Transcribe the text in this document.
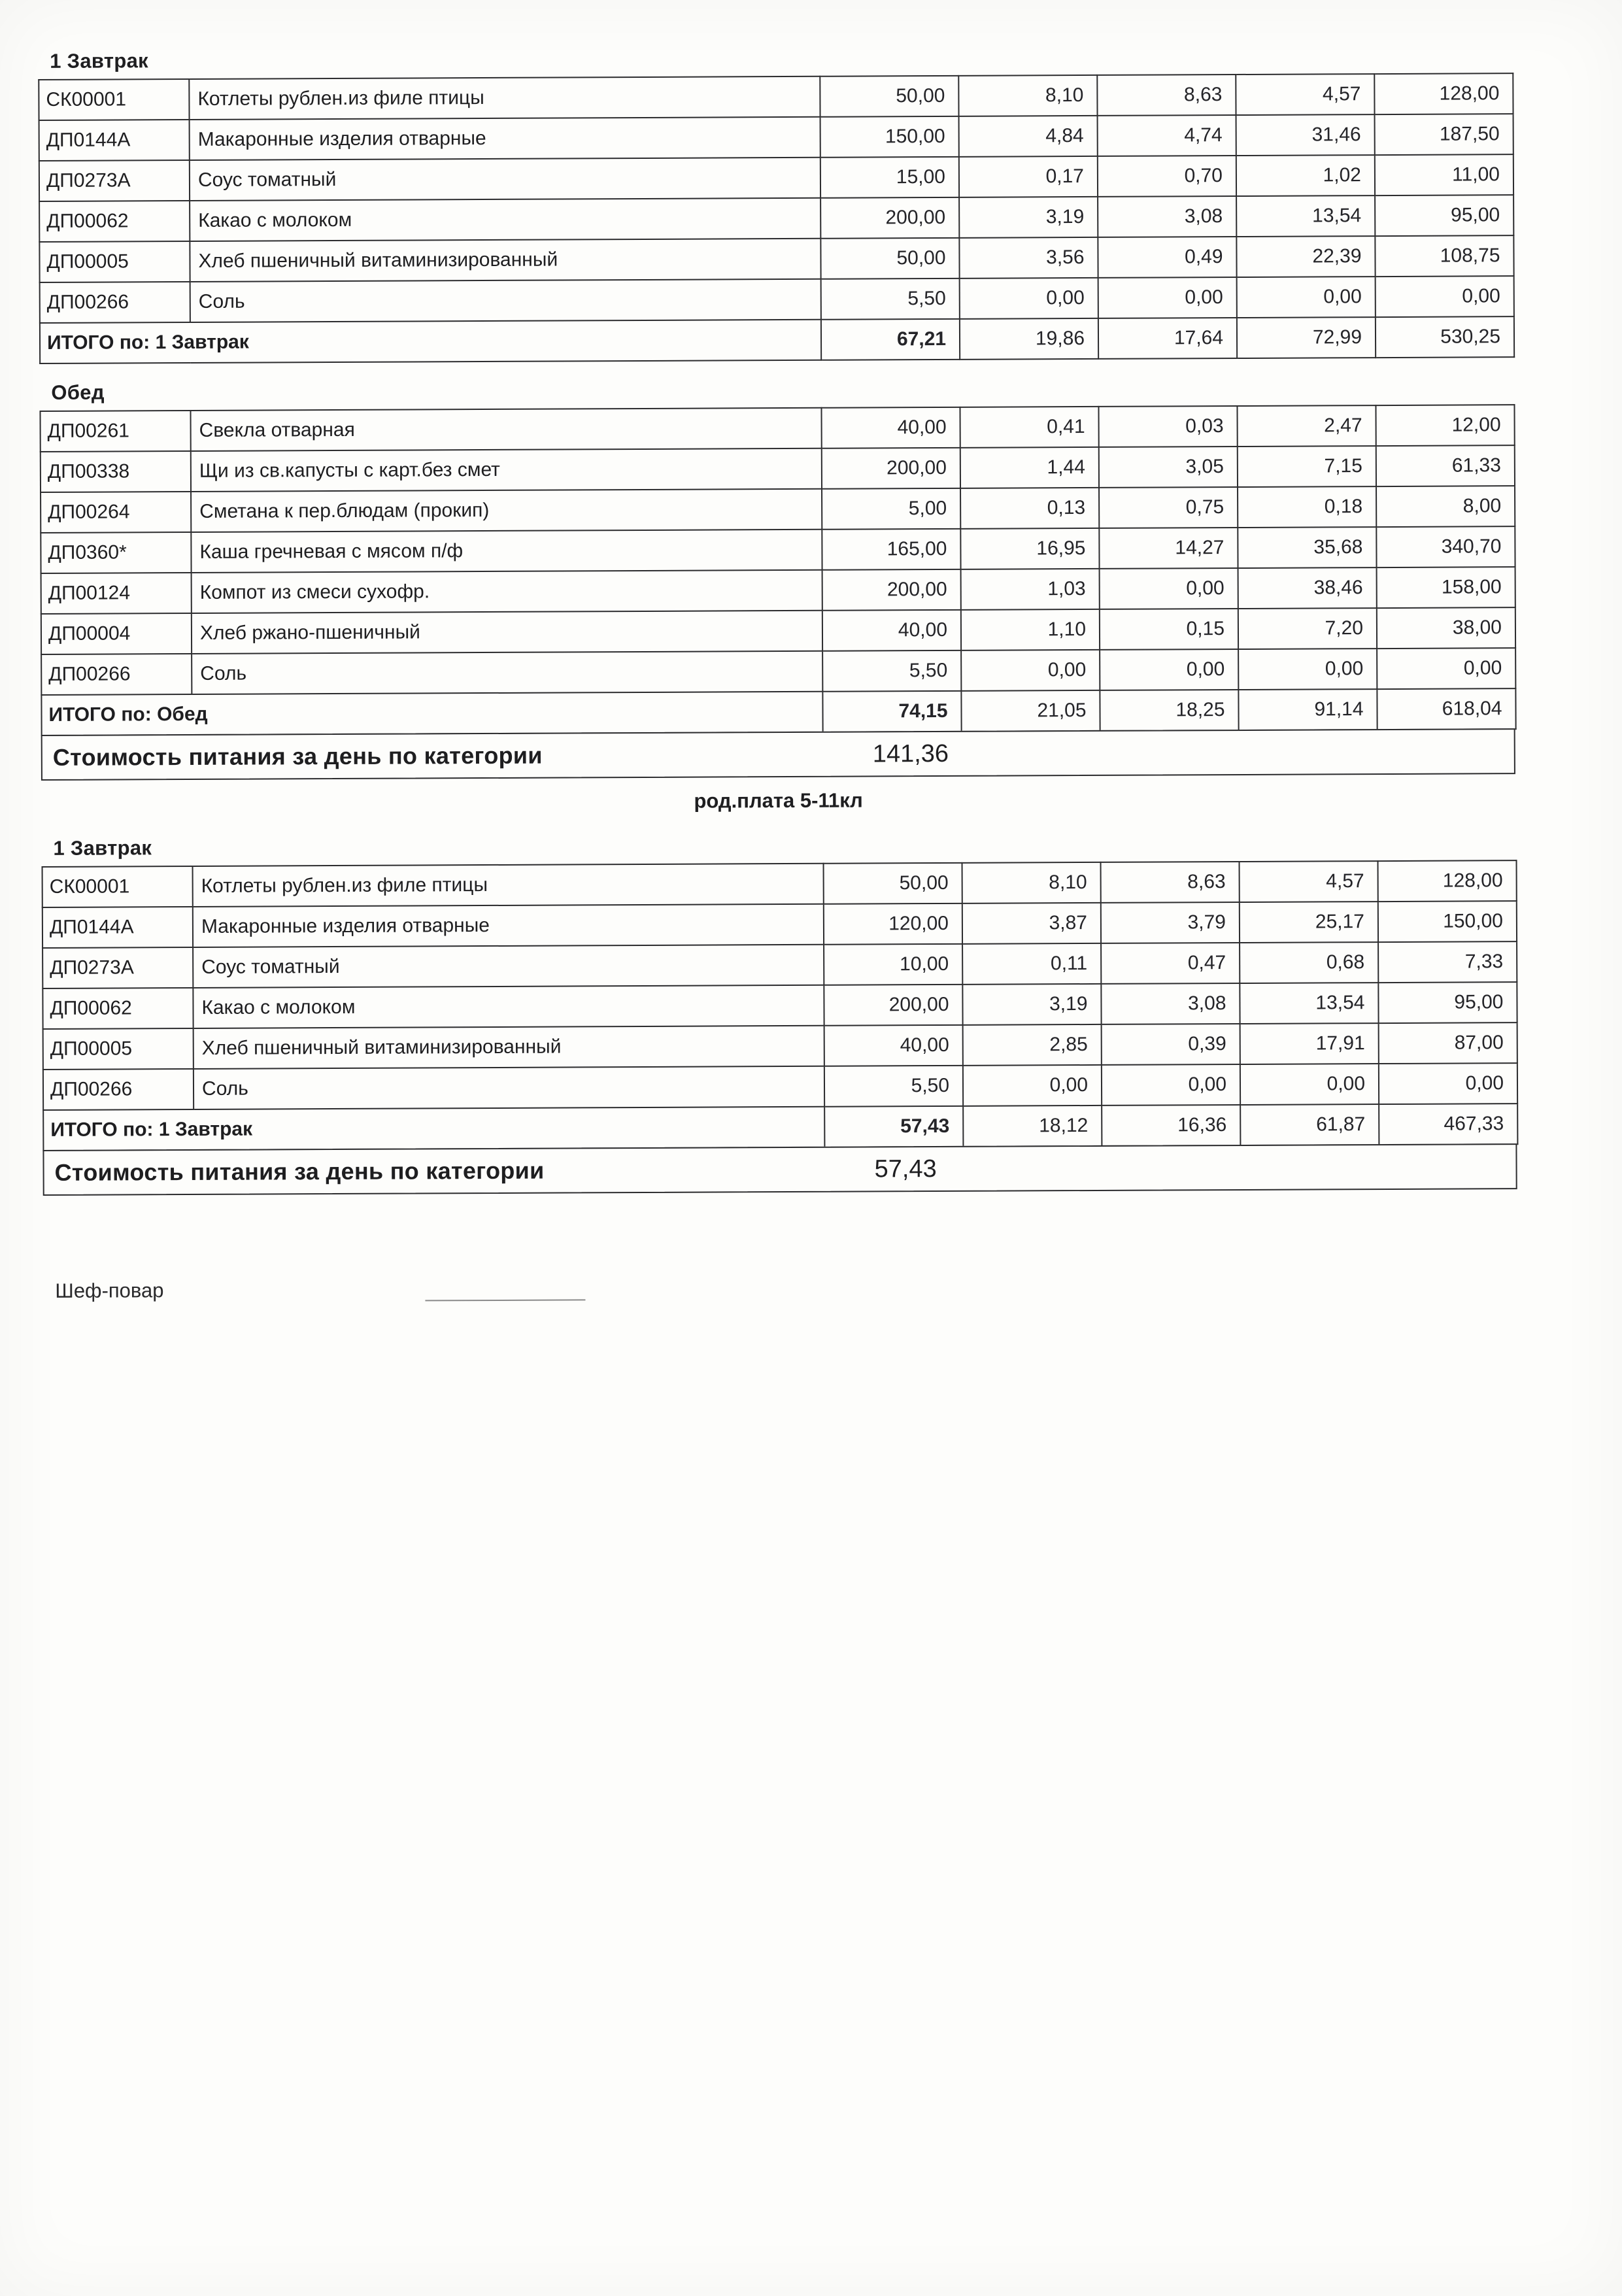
1 Завтрак
СК00001	Котлеты рублен.из филе птицы	50,00	8,10	8,63	4,57	128,00
ДП0144А	Макаронные изделия отварные	150,00	4,84	4,74	31,46	187,50
ДП0273А	Соус томатный	15,00	0,17	0,70	1,02	11,00
ДП00062	Какао с молоком	200,00	3,19	3,08	13,54	95,00
ДП00005	Хлеб пшеничный витаминизированный	50,00	3,56	0,49	22,39	108,75
ДП00266	Соль	5,50	0,00	0,00	0,00	0,00
ИТОГО по: 1 Завтрак		67,21	19,86	17,64	72,99	530,25
Обед
ДП00261	Свекла отварная	40,00	0,41	0,03	2,47	12,00
ДП00338	Щи из св.капусты с карт.без смет	200,00	1,44	3,05	7,15	61,33
ДП00264	Сметана к пер.блюдам (прокип)	5,00	0,13	0,75	0,18	8,00
ДП0360*	Каша гречневая с мясом п/ф	165,00	16,95	14,27	35,68	340,70
ДП00124	Компот из смеси сухофр.	200,00	1,03	0,00	38,46	158,00
ДП00004	Хлеб ржано-пшеничный	40,00	1,10	0,15	7,20	38,00
ДП00266	Соль	5,50	0,00	0,00	0,00	0,00
ИТОГО по: Обед		74,15	21,05	18,25	91,14	618,04
Стоимость питания за день по категории	141,36
род.плата 5-11кл
1 Завтрак
СК00001	Котлеты рублен.из филе птицы	50,00	8,10	8,63	4,57	128,00
ДП0144А	Макаронные изделия отварные	120,00	3,87	3,79	25,17	150,00
ДП0273А	Соус томатный	10,00	0,11	0,47	0,68	7,33
ДП00062	Какао с молоком	200,00	3,19	3,08	13,54	95,00
ДП00005	Хлеб пшеничный витаминизированный	40,00	2,85	0,39	17,91	87,00
ДП00266	Соль	5,50	0,00	0,00	0,00	0,00
ИТОГО по: 1 Завтрак		57,43	18,12	16,36	61,87	467,33
Стоимость питания за день по категории	57,43
Шеф-повар
